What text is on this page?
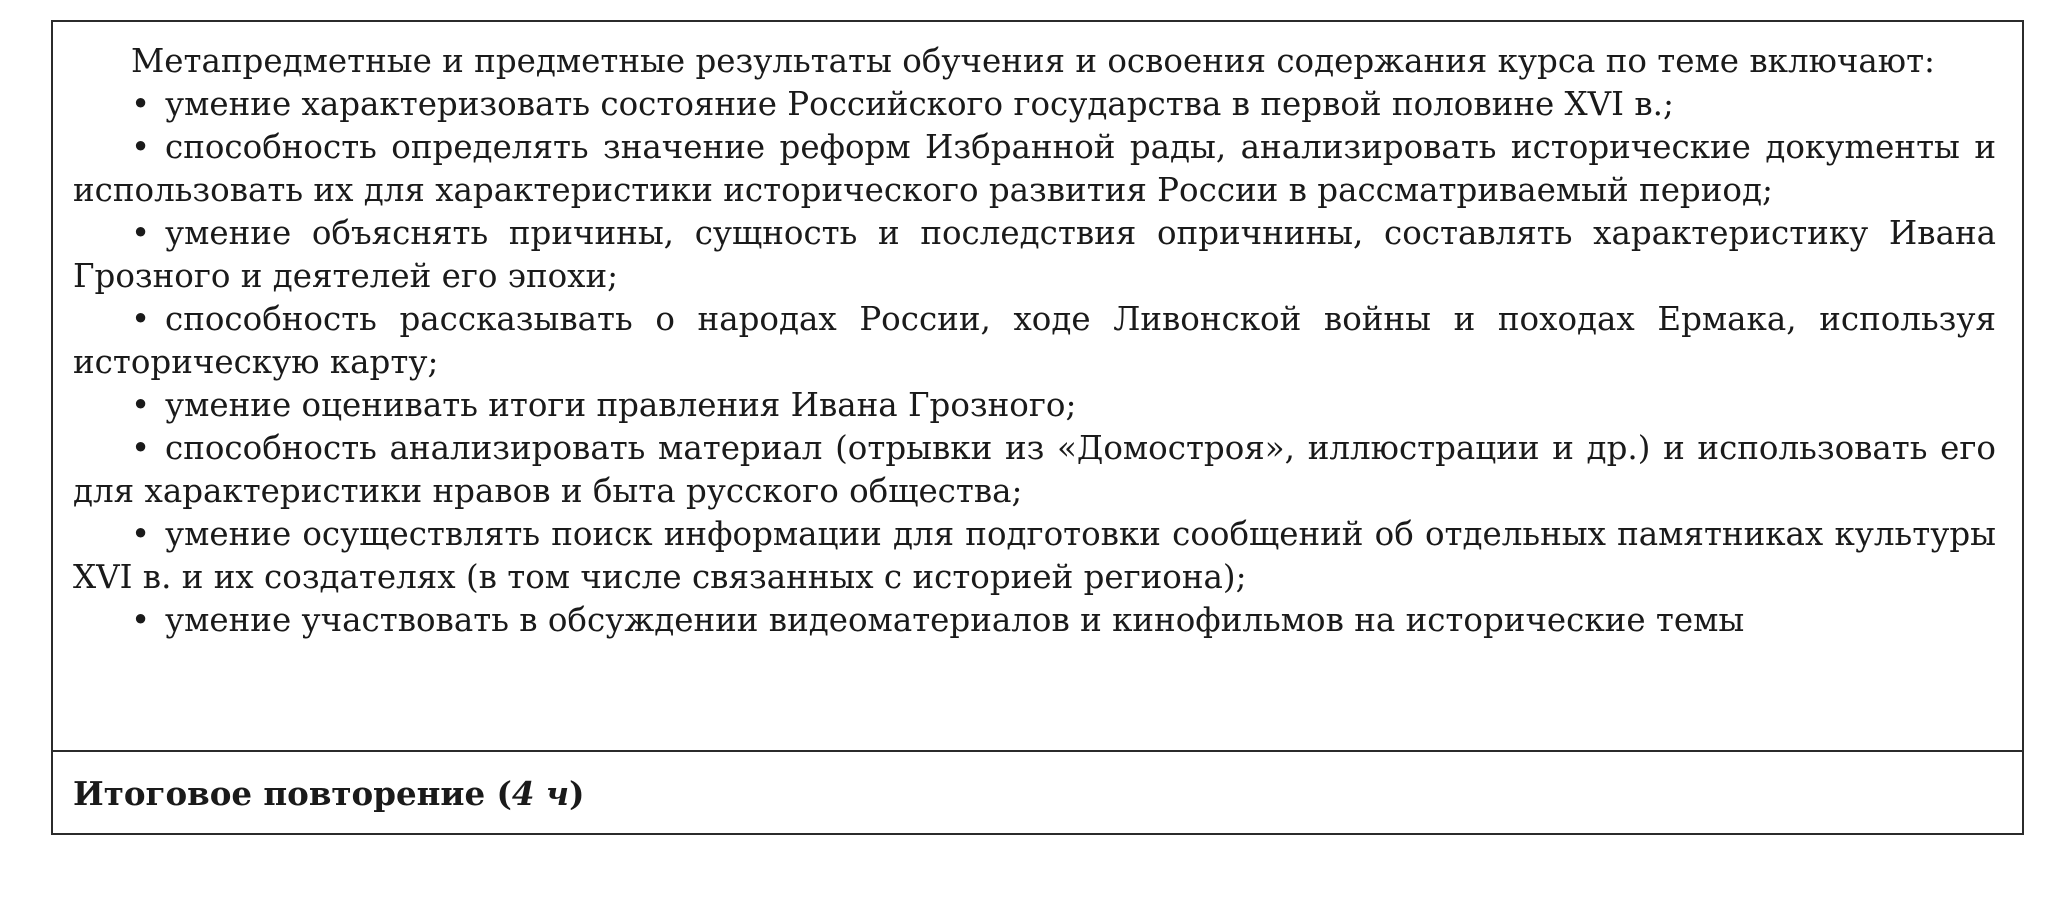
Метапредметные и предметные результаты обучения и освоения содержания курса по теме включают:

• умение характеризовать состояние Российского государства в первой половине XVI в.;

• способность определять значение реформ Избранной рады, анализировать исторические докуmенты и использовать их для характеристики исторического развития России в рассматриваемый период;

• умение объяснять причины, сущность и последствия опричнины, составлять характеристику Ивана Грозного и деятелей его эпохи;

• способность рассказывать о народах России, ходе Ливонской войны и походах Ермака, используя историческую карту;

• умение оценивать итоги правления Ивана Грозного;

• способность анализировать материал (отрывки из «Домостроя», иллюстрации и др.) и использовать его для характеристики нравов и быта русского общества;

• умение осуществлять поиск информации для подготовки сообщений об отдельных памятниках культуры XVI в. и их создателях (в том числе связанных с историей региона);

• умение участвовать в обсуждении видеоматериалов и кинофильмов на исторические темы

Итоговое повторение (4 ч)
